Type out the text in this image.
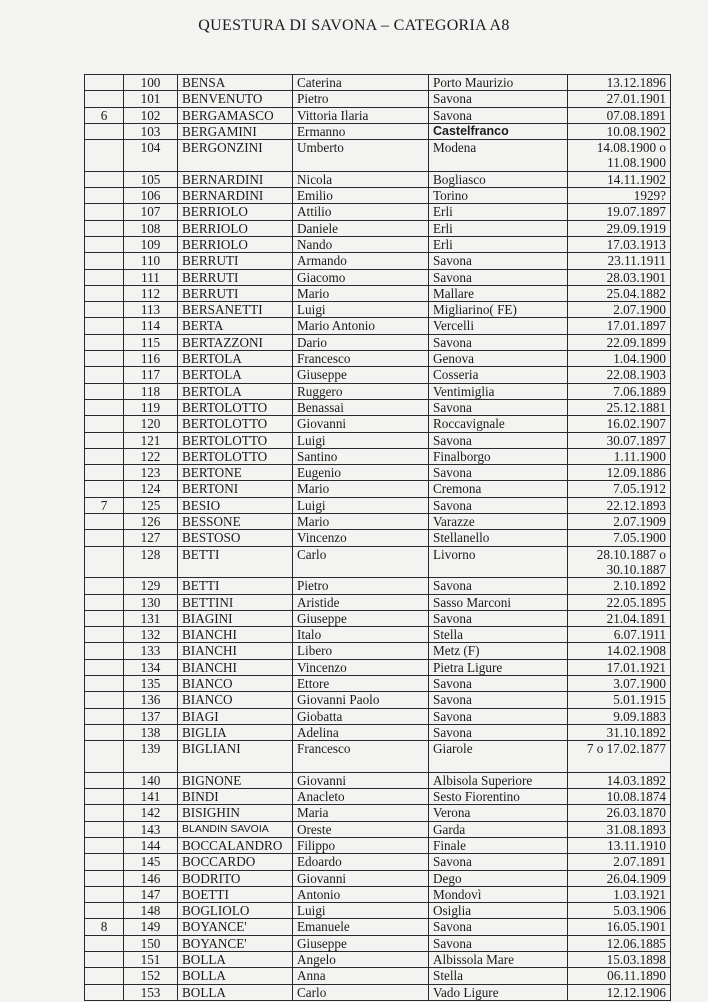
QUESTURA DI SAVONA – CATEGORIA A8
	100	BENSA	Caterina	Porto Maurizio	13.12.1896
	101	BENVENUTO	Pietro	Savona	27.01.1901
6	102	BERGAMASCO	Vittoria Ilaria	Savona	07.08.1891
	103	BERGAMINI	Ermanno	Castelfranco	10.08.1902
	104	BERGONZINI	Umberto	Modena	14.08.1900 o 11.08.1900
	105	BERNARDINI	Nicola	Bogliasco	14.11.1902
	106	BERNARDINI	Emilio	Torino	1929?
	107	BERRIOLO	Attilio	Erli	19.07.1897
	108	BERRIOLO	Daniele	Erli	29.09.1919
	109	BERRIOLO	Nando	Erli	17.03.1913
	110	BERRUTI	Armando	Savona	23.11.1911
	111	BERRUTI	Giacomo	Savona	28.03.1901
	112	BERRUTI	Mario	Mallare	25.04.1882
	113	BERSANETTI	Luigi	Migliarino( FE)	2.07.1900
	114	BERTA	Mario Antonio	Vercelli	17.01.1897
	115	BERTAZZONI	Dario	Savona	22.09.1899
	116	BERTOLA	Francesco	Genova	1.04.1900
	117	BERTOLA	Giuseppe	Cosseria	22.08.1903
	118	BERTOLA	Ruggero	Ventimiglia	7.06.1889
	119	BERTOLOTTO	Benassai	Savona	25.12.1881
	120	BERTOLOTTO	Giovanni	Roccavignale	16.02.1907
	121	BERTOLOTTO	Luigi	Savona	30.07.1897
	122	BERTOLOTTO	Santino	Finalborgo	1.11.1900
	123	BERTONE	Eugenio	Savona	12.09.1886
	124	BERTONI	Mario	Cremona	7.05.1912
7	125	BESIO	Luigi	Savona	22.12.1893
	126	BESSONE	Mario	Varazze	2.07.1909
	127	BESTOSO	Vincenzo	Stellanello	7.05.1900
	128	BETTI	Carlo	Livorno	28.10.1887 o 30.10.1887
	129	BETTI	Pietro	Savona	2.10.1892
	130	BETTINI	Aristide	Sasso Marconi	22.05.1895
	131	BIAGINI	Giuseppe	Savona	21.04.1891
	132	BIANCHI	Italo	Stella	6.07.1911
	133	BIANCHI	Libero	Metz (F)	14.02.1908
	134	BIANCHI	Vincenzo	Pietra Ligure	17.01.1921
	135	BIANCO	Ettore	Savona	3.07.1900
	136	BIANCO	Giovanni Paolo	Savona	5.01.1915
	137	BIAGI	Giobatta	Savona	9.09.1883
	138	BIGLIA	Adelina	Savona	31.10.1892
	139	BIGLIANI	Francesco	Giarole	7 o 17.02.1877
	140	BIGNONE	Giovanni	Albisola Superiore	14.03.1892
	141	BINDI	Anacleto	Sesto Fiorentino	10.08.1874
	142	BISIGHIN	Maria	Verona	26.03.1870
	143	BLANDIN SAVOIA	Oreste	Garda	31.08.1893
	144	BOCCALANDRO	Filippo	Finale	13.11.1910
	145	BOCCARDO	Edoardo	Savona	2.07.1891
	146	BODRITO	Giovanni	Dego	26.04.1909
	147	BOETTI	Antonio	Mondovì	1.03.1921
	148	BOGLIOLO	Luigi	Osiglia	5.03.1906
8	149	BOYANCE'	Emanuele	Savona	16.05.1901
	150	BOYANCE'	Giuseppe	Savona	12.06.1885
	151	BOLLA	Angelo	Albissola Mare	15.03.1898
	152	BOLLA	Anna	Stella	06.11.1890
	153	BOLLA	Carlo	Vado Ligure	12.12.1906
